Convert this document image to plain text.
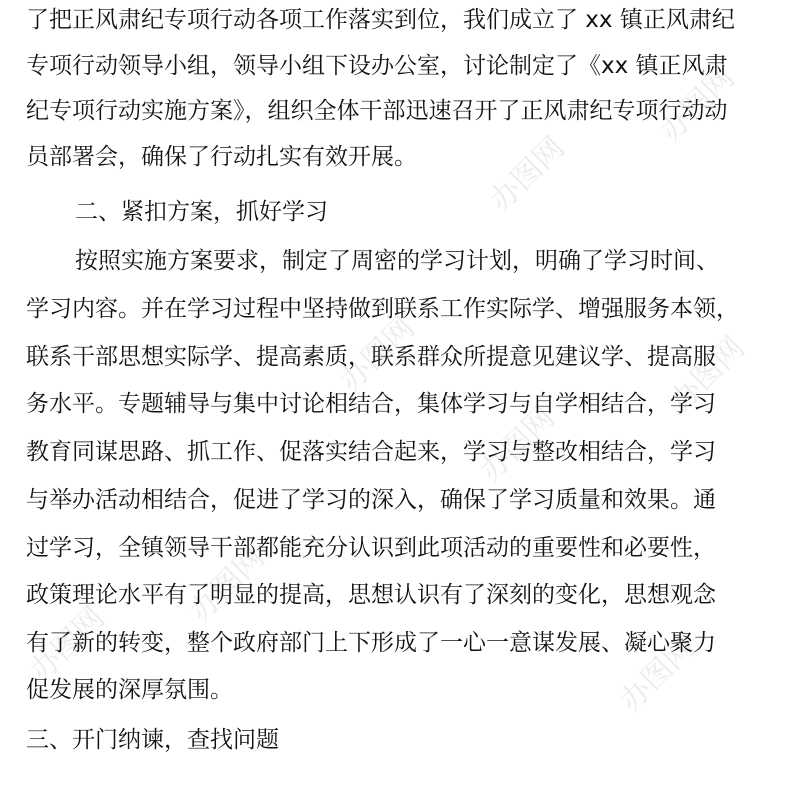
办图网
办图网
办图网
办图网
办图网
办图网
办图网
办图网
了把正风肃纪专项行动各项工作落实到位，我们成立了 xx 镇正风肃纪
专项行动领导小组，领导小组下设办公室，讨论制定了《xx 镇正风肃
纪专项行动实施方案》，组织全体干部迅速召开了正风肃纪专项行动动
员部署会，确保了行动扎实有效开展。
二、紧扣方案，抓好学习
按照实施方案要求，制定了周密的学习计划，明确了学习时间、
学习内容。并在学习过程中坚持做到联系工作实际学、增强服务本领，
联系干部思想实际学、提高素质，联系群众所提意见建议学、提高服
务水平。专题辅导与集中讨论相结合，集体学习与自学相结合，学习
教育同谋思路、抓工作、促落实结合起来，学习与整改相结合，学习
与举办活动相结合，促进了学习的深入，确保了学习质量和效果。通
过学习，全镇领导干部都能充分认识到此项活动的重要性和必要性，
政策理论水平有了明显的提高，思想认识有了深刻的变化，思想观念
有了新的转变，整个政府部门上下形成了一心一意谋发展、凝心聚力
促发展的深厚氛围。
三、开门纳谏，查找问题
